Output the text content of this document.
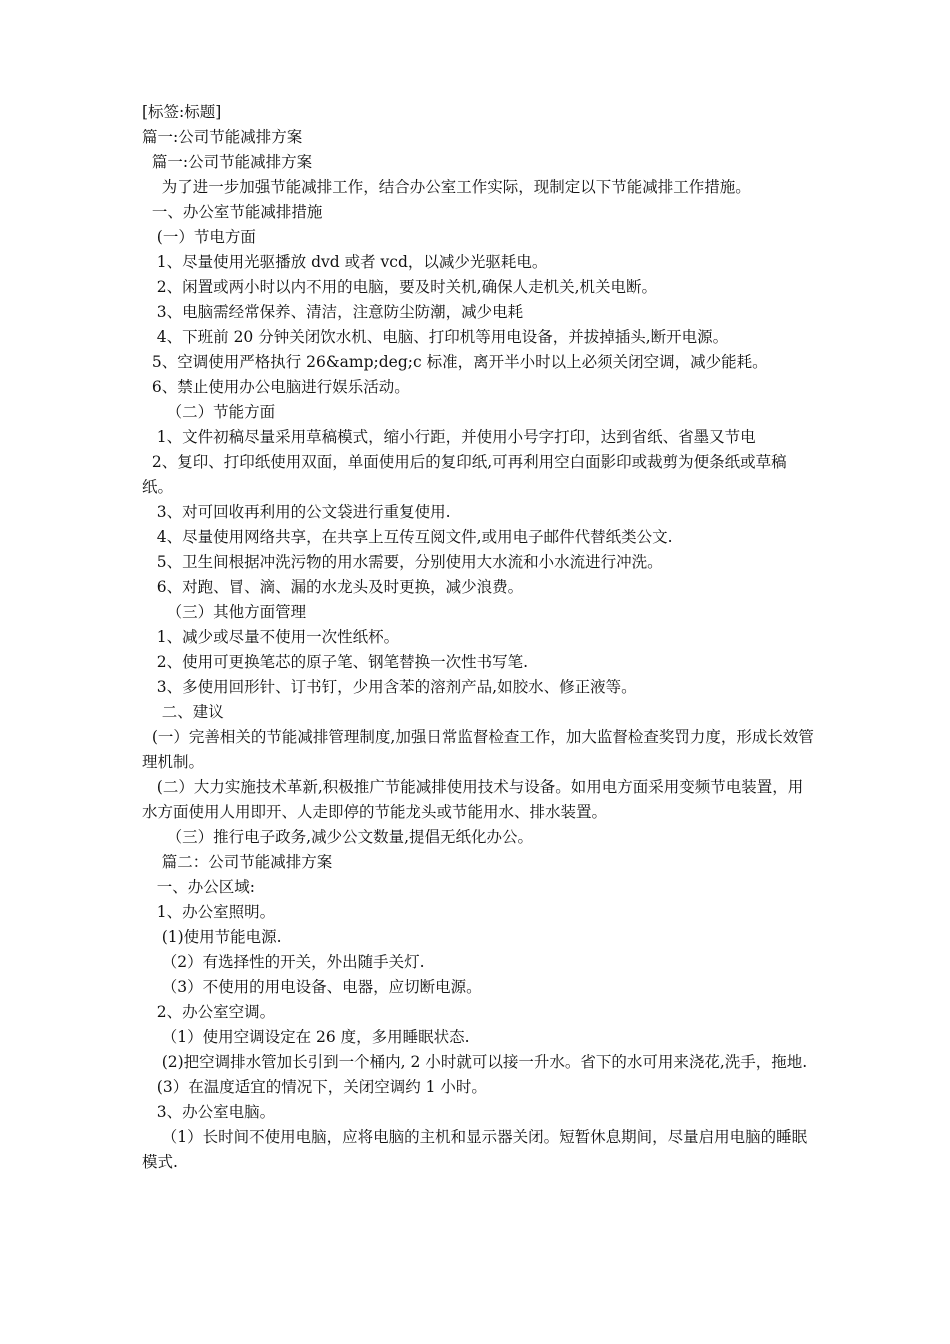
[标签:标题]

篇一:公司节能减排方案

篇一:公司节能减排方案

为了进一步加强节能减排工作，结合办公室工作实际，现制定以下节能减排工作措施。

一、办公室节能减排措施

(一）节电方面

1、尽量使用光驱播放 dvd 或者 vcd，以减少光驱耗电。

2、闲置或两小时以内不用的电脑，要及时关机,确保人走机关,机关电断。

3、电脑需经常保养、清洁，注意防尘防潮，减少电耗

4、下班前 20 分钟关闭饮水机、电脑、打印机等用电设备，并拔掉插头,断开电源。

5、空调使用严格执行 26&amp;deg;c 标准，离开半小时以上必须关闭空调，减少能耗。

6、禁止使用办公电脑进行娱乐活动。

（二）节能方面

1、文件初稿尽量采用草稿模式，缩小行距，并使用小号字打印，达到省纸、省墨又节电

2、复印、打印纸使用双面，单面使用后的复印纸,可再利用空白面影印或裁剪为便条纸或草稿纸。

3、对可回收再利用的公文袋进行重复使用.

4、尽量使用网络共享，在共享上互传互阅文件,或用电子邮件代替纸类公文.

5、卫生间根据冲洗污物的用水需要，分别使用大水流和小水流进行冲洗。

6、对跑、冒、滴、漏的水龙头及时更换，减少浪费。

（三）其他方面管理

1、减少或尽量不使用一次性纸杯。

2、使用可更换笔芯的原子笔、钢笔替换一次性书写笔.

3、多使用回形针、订书钉，少用含苯的溶剂产品,如胶水、修正液等。

二、建议

(一）完善相关的节能减排管理制度,加强日常监督检查工作，加大监督检查奖罚力度，形成长效管理机制。

(二）大力实施技术革新,积极推广节能减排使用技术与设备。如用电方面采用变频节电装置，用水方面使用人用即开、人走即停的节能龙头或节能用水、排水装置。

（三）推行电子政务,减少公文数量,提倡无纸化办公。

篇二：公司节能减排方案

一、办公区域:

1、办公室照明。

(1)使用节能电源.

（2）有选择性的开关，外出随手关灯.

（3）不使用的用电设备、电器，应切断电源。

2、办公室空调。

（1）使用空调设定在 26 度，多用睡眠状态.

(2)把空调排水管加长引到一个桶内, 2 小时就可以接一升水。省下的水可用来浇花,洗手，拖地.

(3）在温度适宜的情况下，关闭空调约 1 小时。

3、办公室电脑。

（1）长时间不使用电脑，应将电脑的主机和显示器关闭。短暂休息期间，尽量启用电脑的睡眠模式.
